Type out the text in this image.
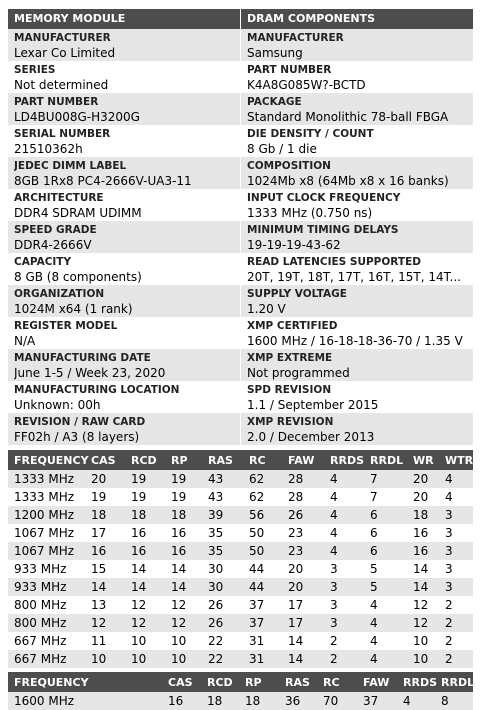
MEMORY MODULE
MANUFACTURER
Lexar Co Limited
SERIES
Not determined
PART NUMBER
LD4BU008G-H3200G
SERIAL NUMBER
21510362h
JEDEC DIMM LABEL
8GB 1Rx8 PC4-2666V-UA3-11
ARCHITECTURE
DDR4 SDRAM UDIMM
SPEED GRADE
DDR4-2666V
CAPACITY
8 GB (8 components)
ORGANIZATION
1024M x64 (1 rank)
REGISTER MODEL
N/A
MANUFACTURING DATE
June 1-5 / Week 23, 2020
MANUFACTURING LOCATION
Unknown: 00h
REVISION / RAW CARD
FF02h / A3 (8 layers)
DRAM COMPONENTS
MANUFACTURER
Samsung
PART NUMBER
K4A8G085W?-BCTD
PACKAGE
Standard Monolithic 78-ball FBGA
DIE DENSITY / COUNT
8 Gb / 1 die
COMPOSITION
1024Mb x8 (64Mb x8 x 16 banks)
INPUT CLOCK FREQUENCY
1333 MHz (0.750 ns)
MINIMUM TIMING DELAYS
19-19-19-43-62
READ LATENCIES SUPPORTED
20T, 19T, 18T, 17T, 16T, 15T, 14T...
SUPPLY VOLTAGE
1.20 V
XMP CERTIFIED
1600 MHz / 16-18-18-36-70 / 1.35 V
XMP EXTREME
Not programmed
SPD REVISION
1.1 / September 2015
XMP REVISION
2.0 / December 2013
FREQUENCY	CAS	RCD	RP	RAS	RC	FAW	RRDS	RRDL	WR	WTRS
1333 MHz	20	19	19	43	62	28	4	7	20	4
1333 MHz	19	19	19	43	62	28	4	7	20	4
1200 MHz	18	18	18	39	56	26	4	6	18	3
1067 MHz	17	16	16	35	50	23	4	6	16	3
1067 MHz	16	16	16	35	50	23	4	6	16	3
933 MHz	15	14	14	30	44	20	3	5	14	3
933 MHz	14	14	14	30	44	20	3	5	14	3
800 MHz	13	12	12	26	37	17	3	4	12	2
800 MHz	12	12	12	26	37	17	3	4	12	2
667 MHz	11	10	10	22	31	14	2	4	10	2
667 MHz	10	10	10	22	31	14	2	4	10	2
FREQUENCY	CAS	RCD	RP	RAS	RC	FAW	RRDS	RRDL
1600 MHz	16	18	18	36	70	37	4	8
